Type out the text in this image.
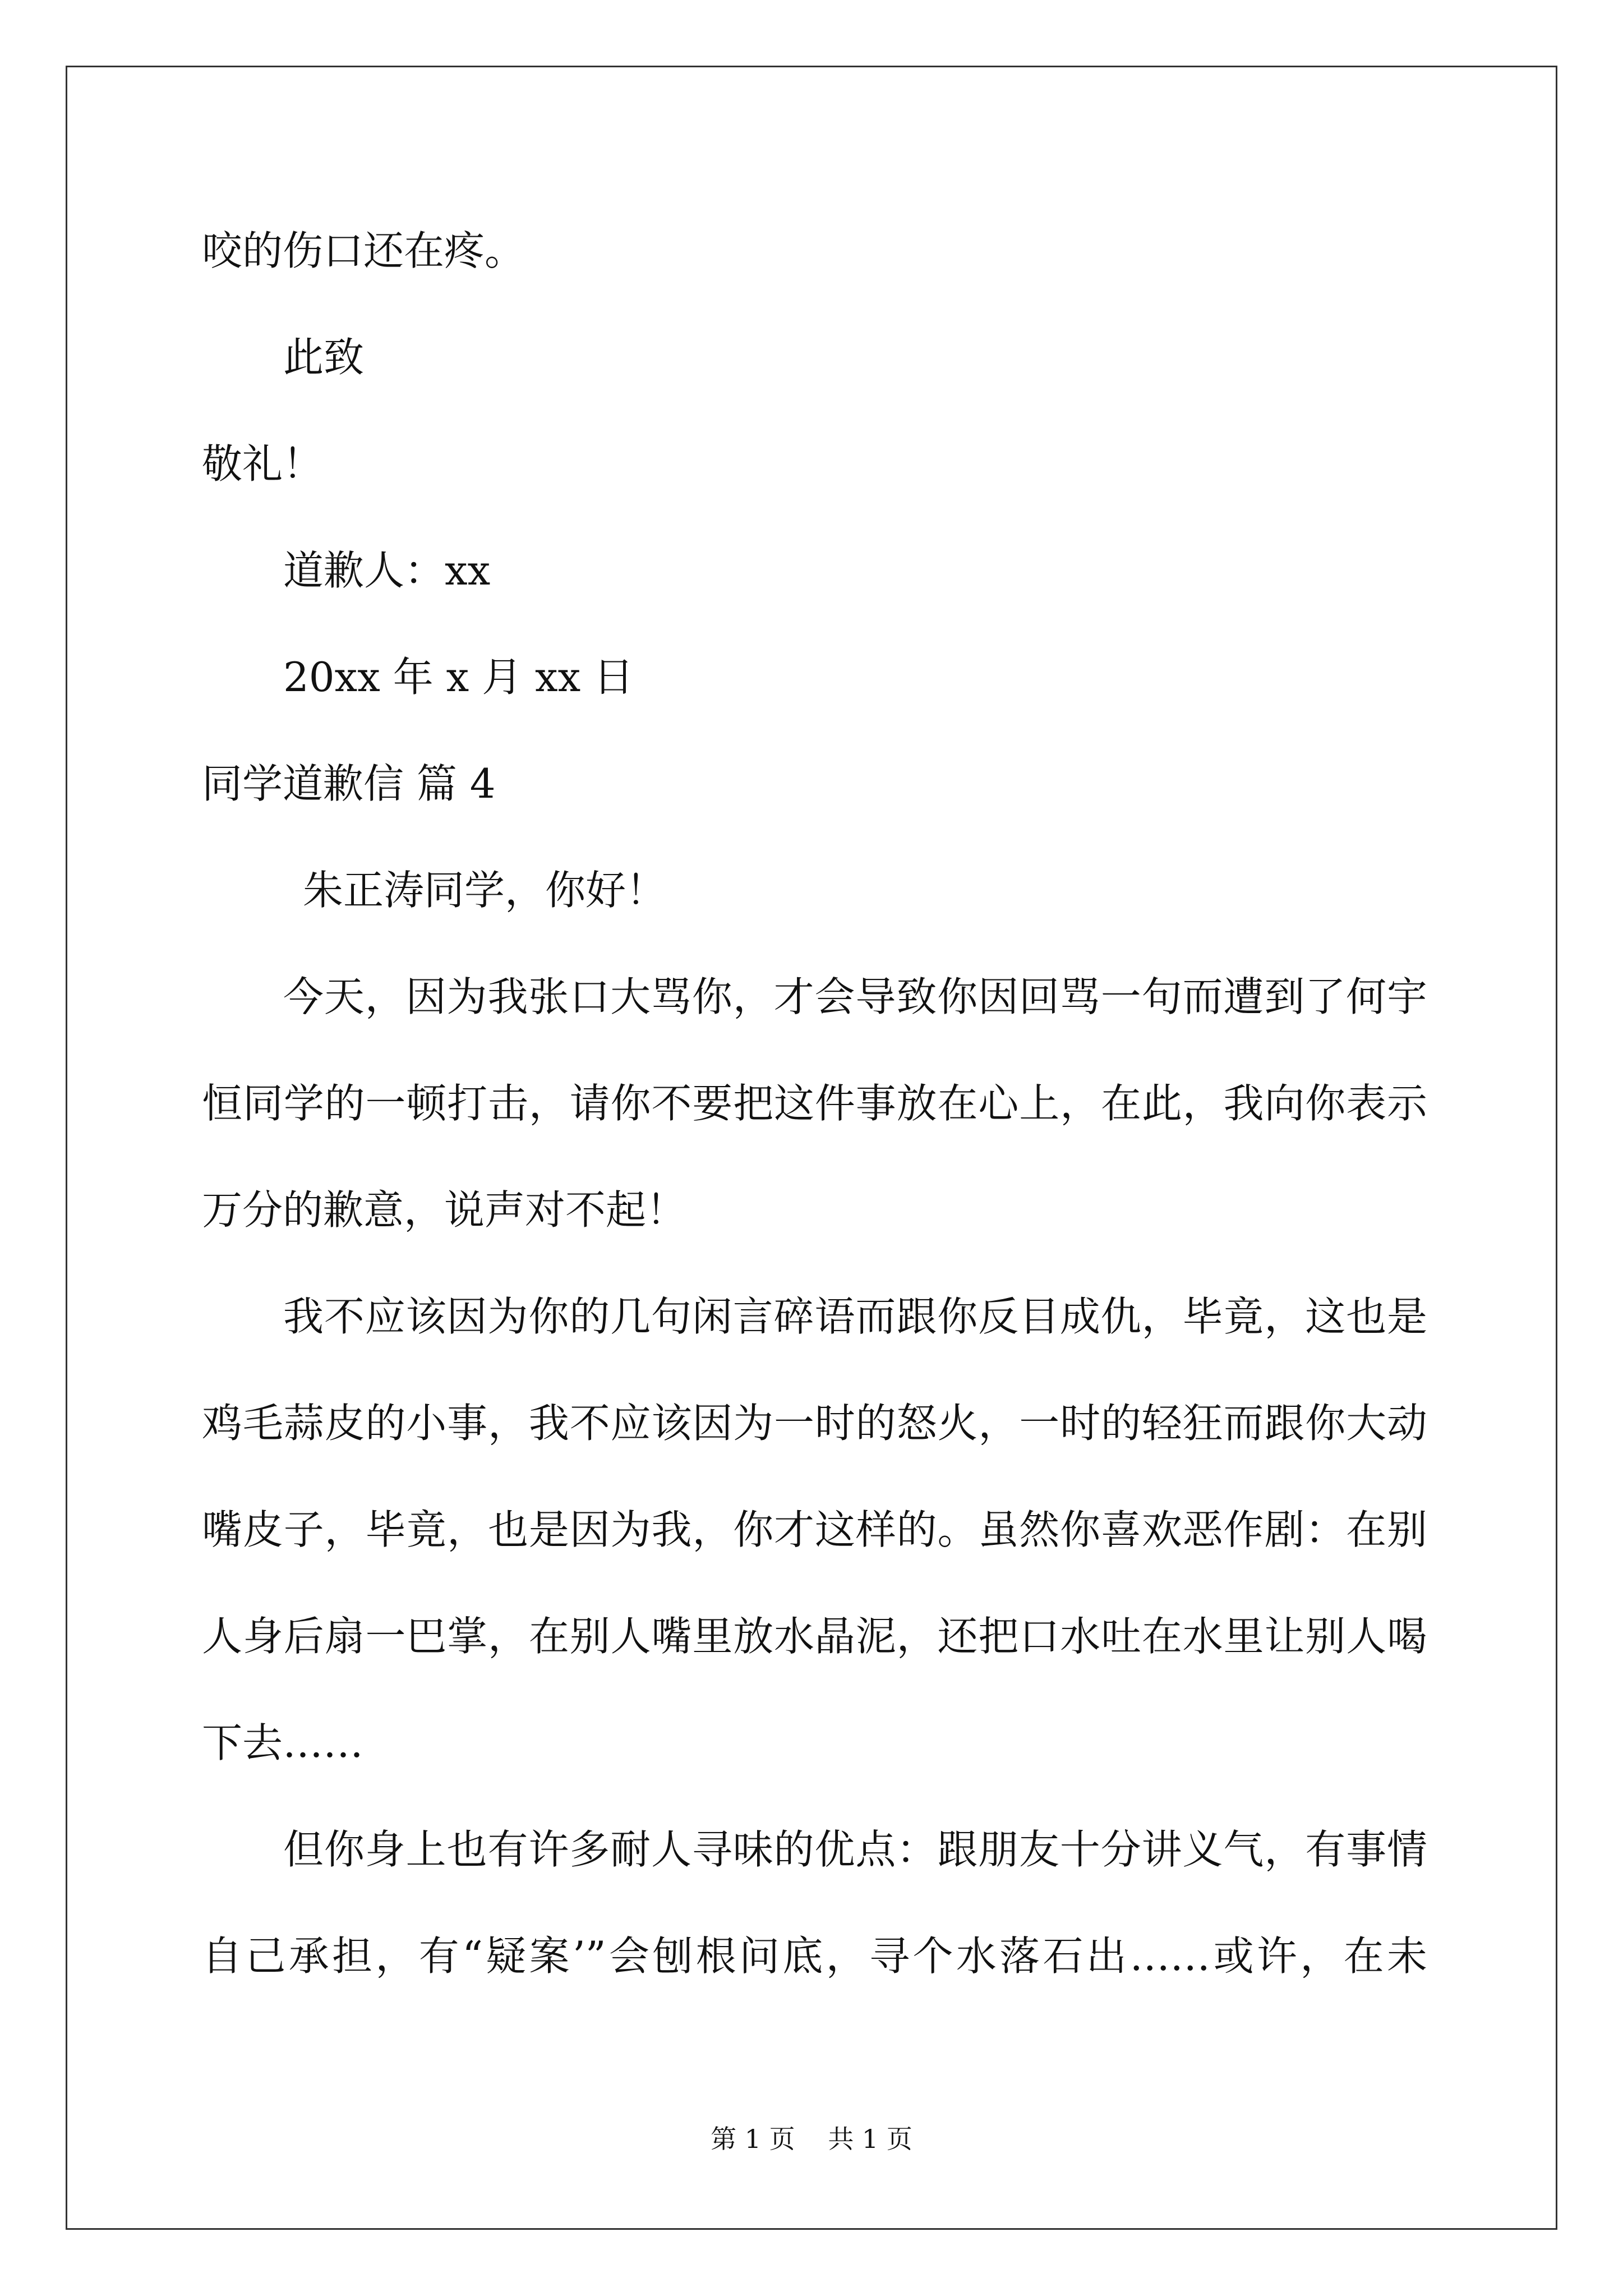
咬的伤口还在疼。
此致
敬礼！
道歉人：xx
20xx 年 x 月 xx 日
同学道歉信 篇 4
朱正涛同学，你好！
今天，因为我张口大骂你，才会导致你因回骂一句而遭到了何宇
恒同学的一顿打击，请你不要把这件事放在心上，在此，我向你表示
万分的歉意，说声对不起！
我不应该因为你的几句闲言碎语而跟你反目成仇，毕竟，这也是
鸡毛蒜皮的小事，我不应该因为一时的怒火，一时的轻狂而跟你大动
嘴皮子，毕竟，也是因为我，你才这样的。虽然你喜欢恶作剧：在别
人身后扇一巴掌，在别人嘴里放水晶泥，还把口水吐在水里让别人喝
下去……
但你身上也有许多耐人寻味的优点：跟朋友十分讲义气，有事情
自己承担，有“疑案’”会刨根问底，寻个水落石出……或许，在未
第 1 页 共 1 页
